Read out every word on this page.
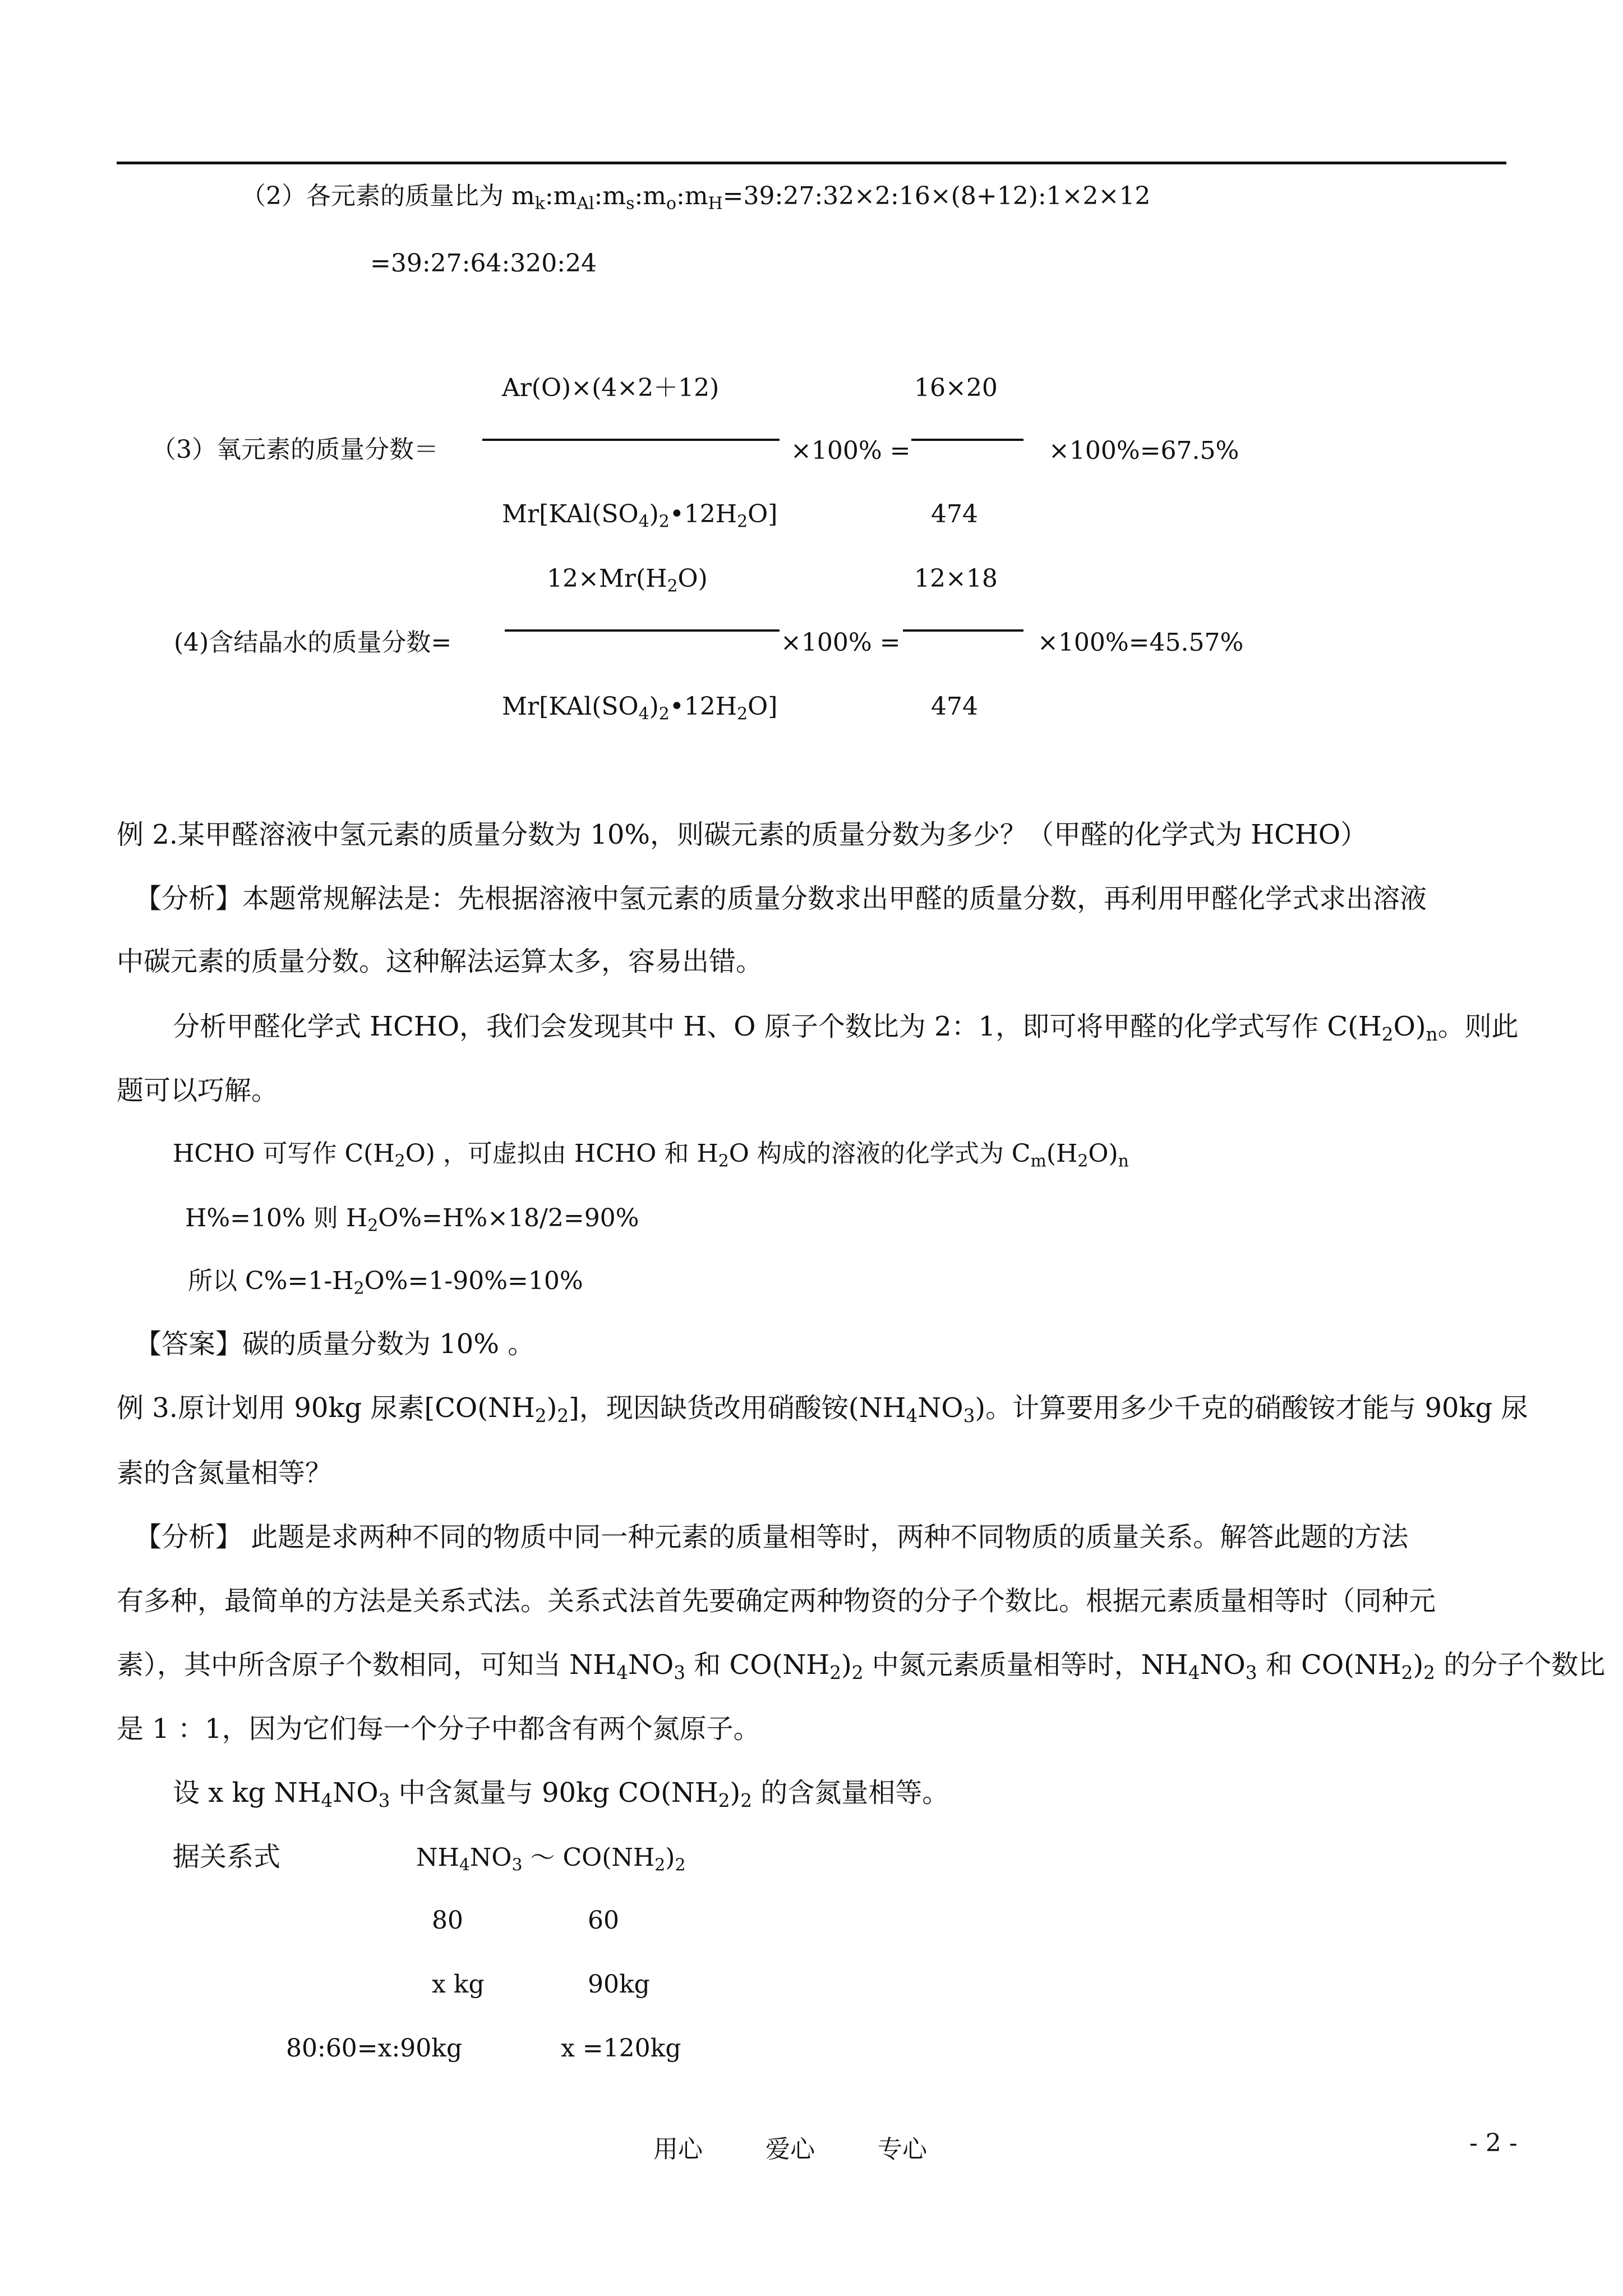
（2）各元素的质量比为 $m_k:m_{Al}:m_s:m_o:m_H=39:27:32\times 2:16\times(8+12):1\times 2\times 12$
=39:27:64:320:24
Ar(O)×(4×2＋12)
（3）氧元素的质量分数＝	×100% =
16×20
×100%=67.5%
$Mr[KAl(SO_4)_2•12H_2O]$	474
$12\times Mr(H_2O)$
(4)含结晶水的质量分数=	×100% =
12×18
×100%=45.57%
$Mr[KAl(SO_4)_2•12H_2O]$	474
例 2.某甲醛溶液中氢元素的质量分数为 10%，则碳元素的质量分数为多少？（甲醛的化学式为 HCHO）
【分析】本题常规解法是：先根据溶液中氢元素的质量分数求出甲醛的质量分数，再利用甲醛化学式求出溶液
中碳元素的质量分数。这种解法运算太多，容易出错。
分析甲醛化学式 HCHO，我们会发现其中 H、O 原子个数比为 2：1，即可将甲醛的化学式写作 $C(H_2O)_n$。则此
题可以巧解。
HCHO 可写作 $C(H_2O)$ ，可虚拟由 HCHO 和 $H_2O$ 构成的溶液的化学式为 $C_m(H_2O)_n$
H%=10% 则 $H_2O\%=H\%\times 18/2=90\%$
所以 $C\%=1-H_2O\%=1-90\%=10\%$
【答案】碳的质量分数为 10% 。
例 3.原计划用 90kg 尿素$[CO(NH_2)_2]$，现因缺货改用硝酸铵$(NH_4NO_3)$。计算要用多少千克的硝酸铵才能与 90kg 尿
素的含氮量相等？
【分析】 此题是求两种不同的物质中同一种元素的质量相等时，两种不同物质的质量关系。解答此题的方法
有多种，最简单的方法是关系式法。关系式法首先要确定两种物资的分子个数比。根据元素质量相等时（同种元
素），其中所含原子个数相同，可知当 $NH_4NO_3$ 和 $CO(NH_2)_2$ 中氮元素质量相等时，$NH_4NO_3$ 和 $CO(NH_2)_2$ 的分子个数比
是 1 ：1，因为它们每一个分子中都含有两个氮原子。
设 x kg $NH_4NO_3$ 中含氮量与 90kg $CO(NH_2)_2$ 的含氮量相等。
据关系式	$NH_4NO_3$ ～ $CO(NH_2)_2$
80	60
x kg	90kg
80:60=x:90kg	x =120kg
用心	爱心	专心	- 2 -
